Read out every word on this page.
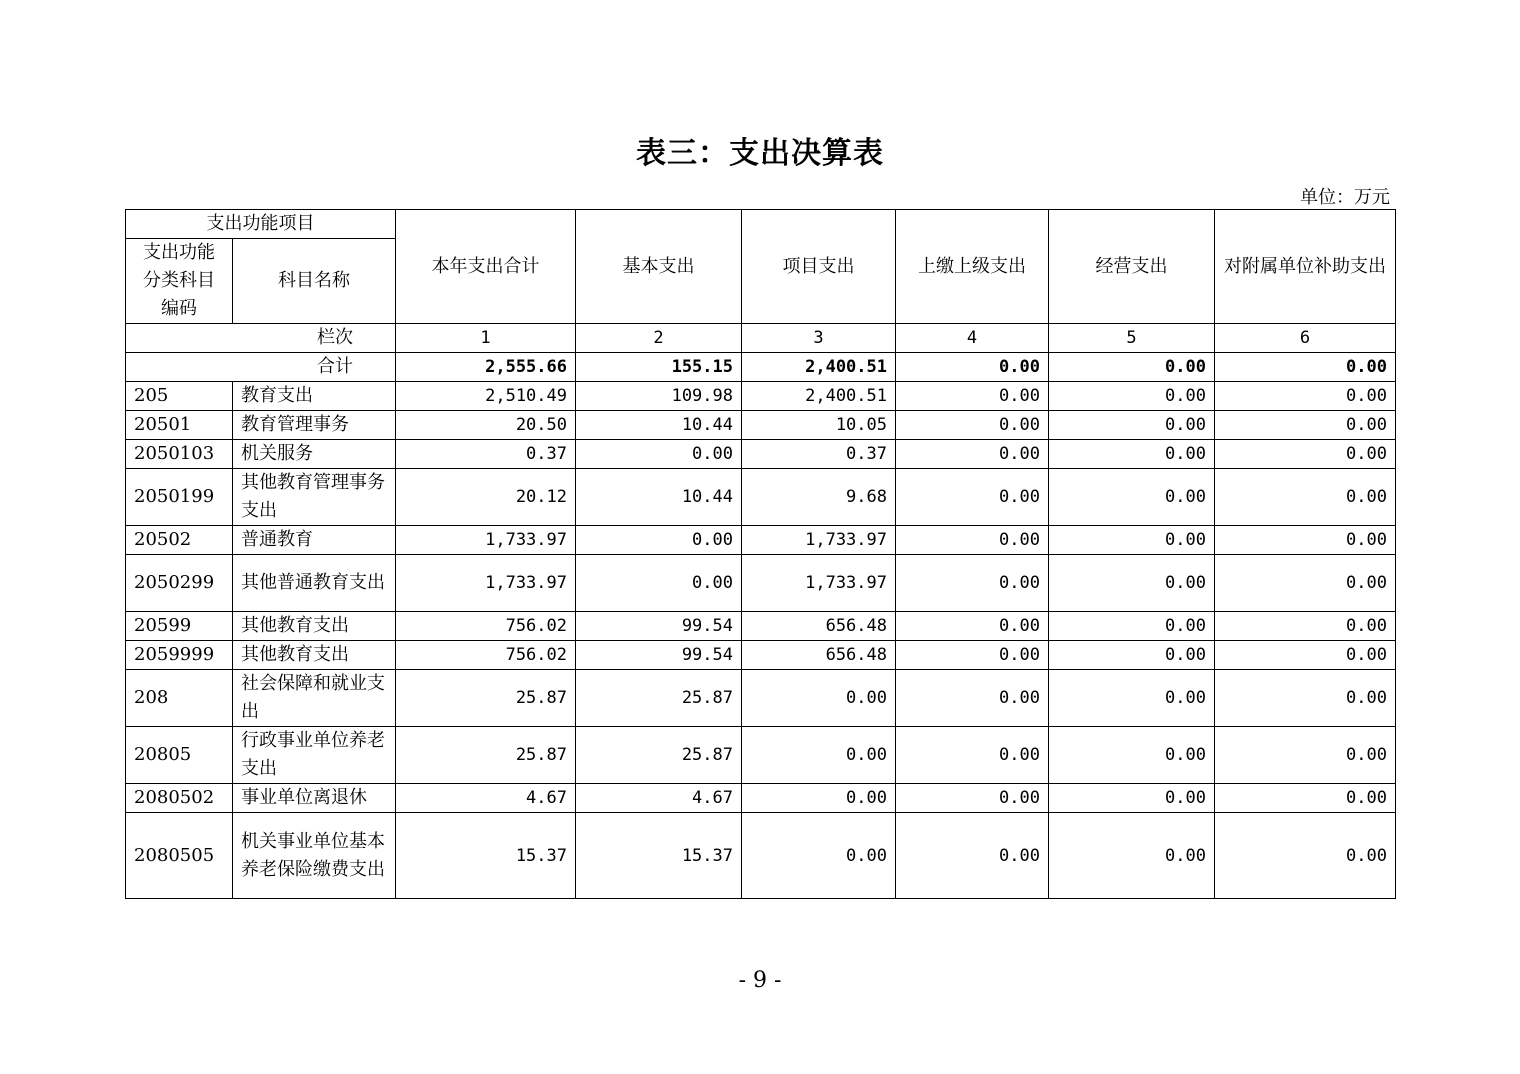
表三：支出决算表
单位：万元
支出功能项目		本年支出合计	基本支出	项目支出	上缴上级支出	经营支出	对附属单位补助支出

支出功能
分类科目
编码	科目名称						
栏次		1	2	3	4	5	6
合计		2,555.66	155.15	2,400.51	0.00	0.00	0.00
205	教育支出	2,510.49	109.98	2,400.51	0.00	0.00	0.00
20501	教育管理事务	20.50	10.44	10.05	0.00	0.00	0.00
2050103	机关服务	0.37	0.00	0.37	0.00	0.00	0.00
2050199	其他教育管理事务支出	20.12	10.44	9.68	0.00	0.00	0.00
20502	普通教育	1,733.97	0.00	1,733.97	0.00	0.00	0.00
2050299	其他普通教育支出	1,733.97	0.00	1,733.97	0.00	0.00	0.00
20599	其他教育支出	756.02	99.54	656.48	0.00	0.00	0.00
2059999	其他教育支出	756.02	99.54	656.48	0.00	0.00	0.00
208	社会保障和就业支出	25.87	25.87	0.00	0.00	0.00	0.00
20805	行政事业单位养老支出	25.87	25.87	0.00	0.00	0.00	0.00
2080502	事业单位离退休	4.67	4.67	0.00	0.00	0.00	0.00
2080505	机关事业单位基本养老保险缴费支出	15.37	15.37	0.00	0.00	0.00	0.00
- 9 -
